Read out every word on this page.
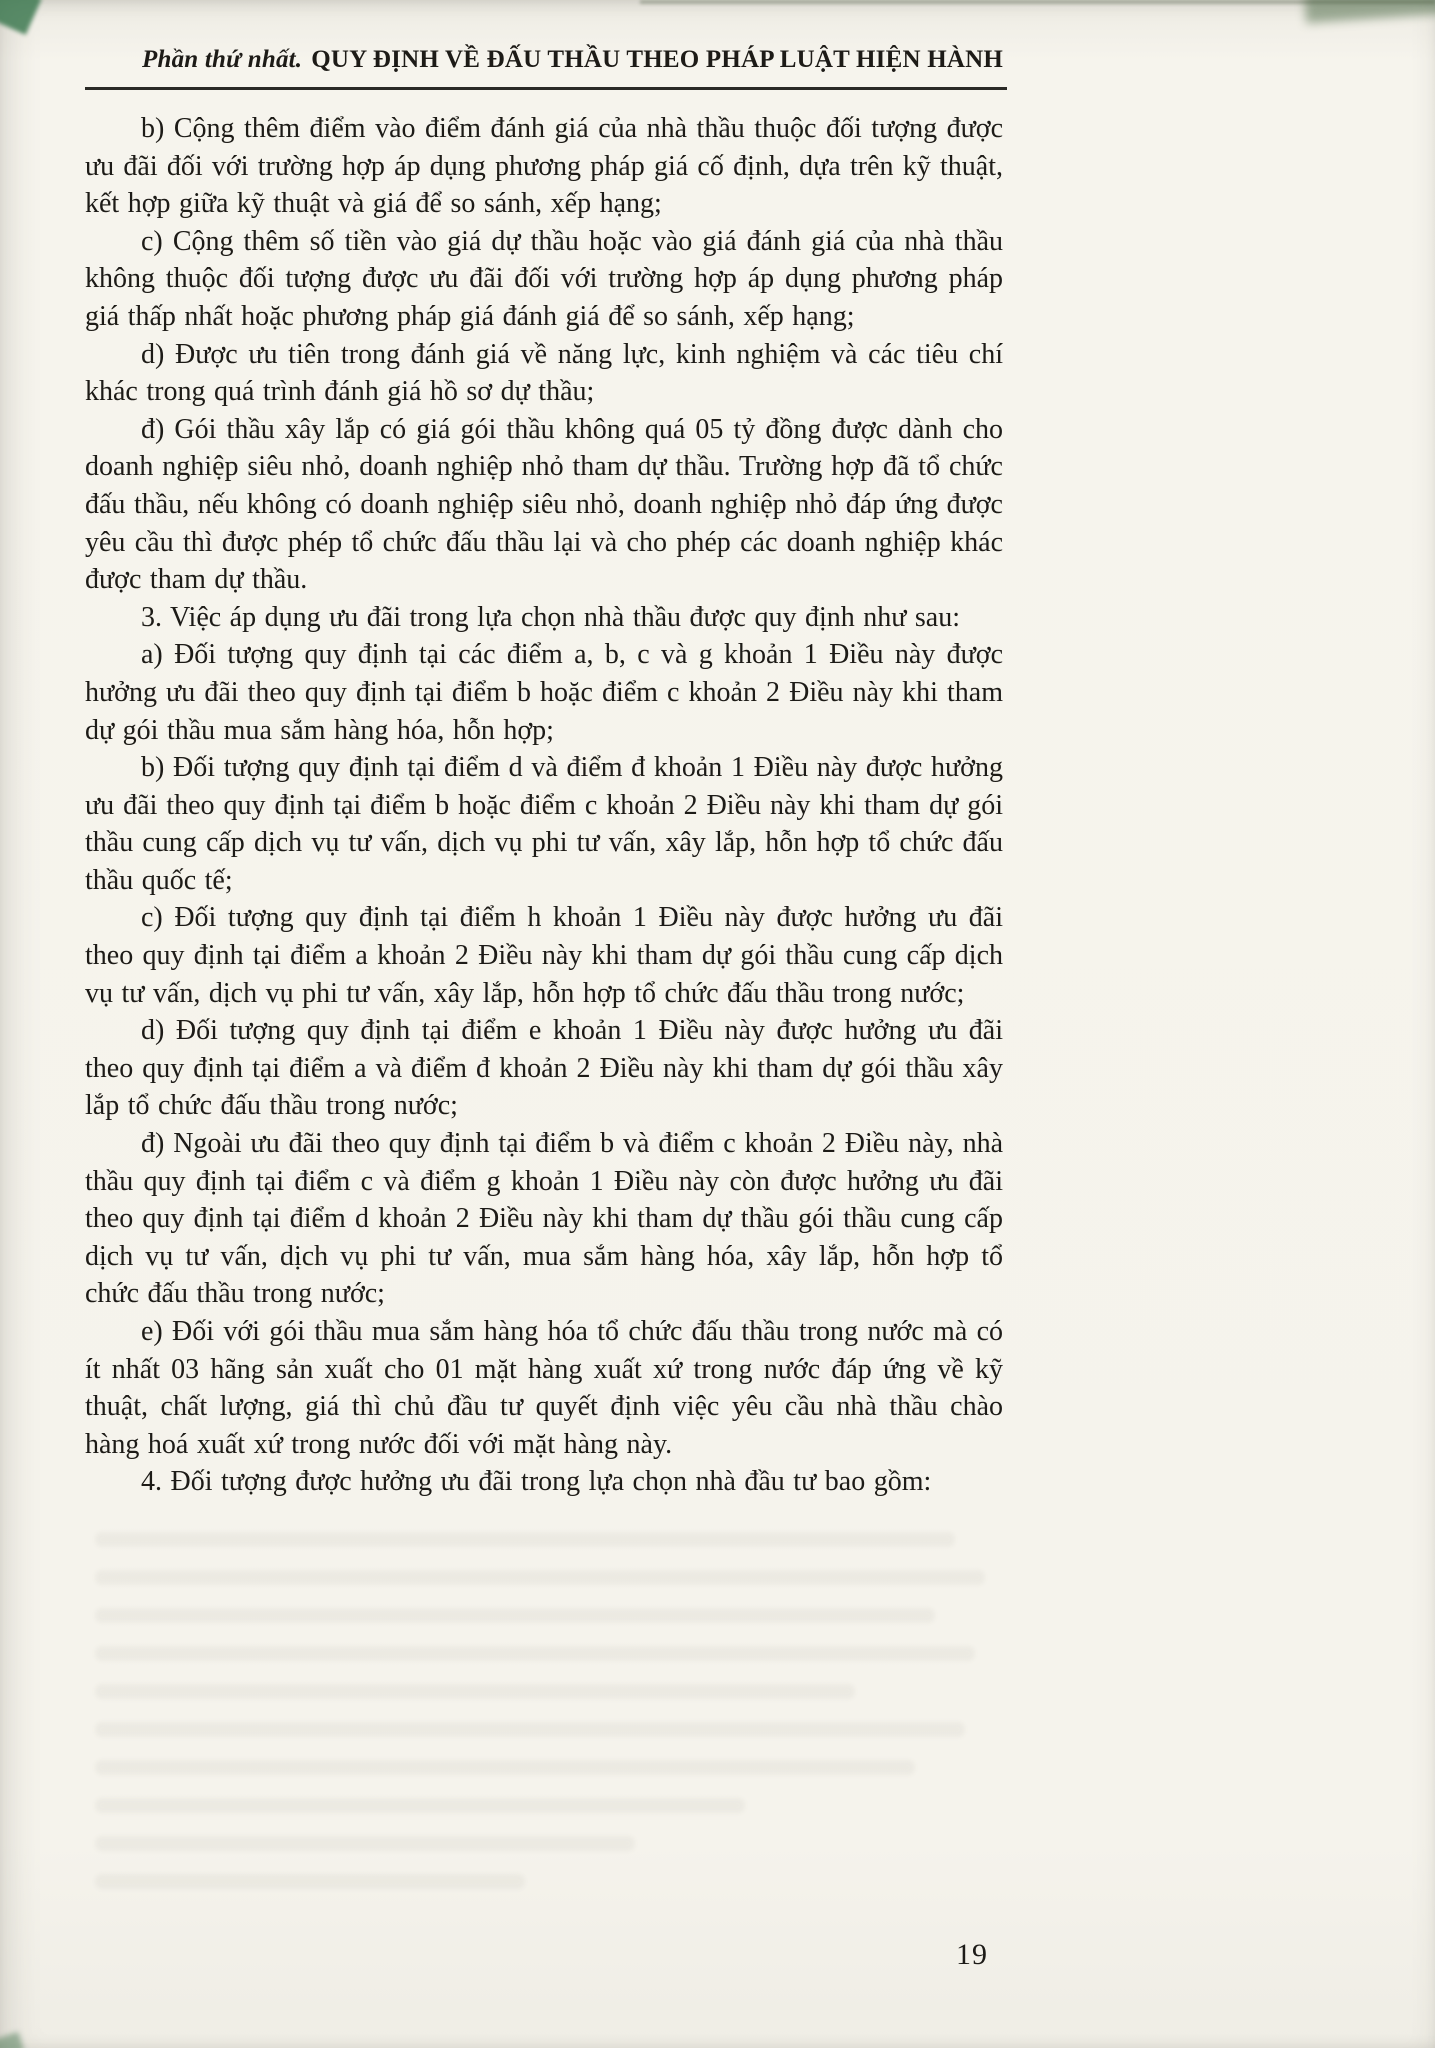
Phần thứ nhất. QUY ĐỊNH VỀ ĐẤU THẦU THEO PHÁP LUẬT HIỆN HÀNH

b) Cộng thêm điểm vào điểm đánh giá của nhà thầu thuộc đối tượng được ưu đãi đối với trường hợp áp dụng phương pháp giá cố định, dựa trên kỹ thuật, kết hợp giữa kỹ thuật và giá để so sánh, xếp hạng;

c) Cộng thêm số tiền vào giá dự thầu hoặc vào giá đánh giá của nhà thầu không thuộc đối tượng được ưu đãi đối với trường hợp áp dụng phương pháp giá thấp nhất hoặc phương pháp giá đánh giá để so sánh, xếp hạng;

d) Được ưu tiên trong đánh giá về năng lực, kinh nghiệm và các tiêu chí khác trong quá trình đánh giá hồ sơ dự thầu;

đ) Gói thầu xây lắp có giá gói thầu không quá 05 tỷ đồng được dành cho doanh nghiệp siêu nhỏ, doanh nghiệp nhỏ tham dự thầu. Trường hợp đã tổ chức đấu thầu, nếu không có doanh nghiệp siêu nhỏ, doanh nghiệp nhỏ đáp ứng được yêu cầu thì được phép tổ chức đấu thầu lại và cho phép các doanh nghiệp khác được tham dự thầu.

3. Việc áp dụng ưu đãi trong lựa chọn nhà thầu được quy định như sau:

a) Đối tượng quy định tại các điểm a, b, c và g khoản 1 Điều này được hưởng ưu đãi theo quy định tại điểm b hoặc điểm c khoản 2 Điều này khi tham dự gói thầu mua sắm hàng hóa, hỗn hợp;

b) Đối tượng quy định tại điểm d và điểm đ khoản 1 Điều này được hưởng ưu đãi theo quy định tại điểm b hoặc điểm c khoản 2 Điều này khi tham dự gói thầu cung cấp dịch vụ tư vấn, dịch vụ phi tư vấn, xây lắp, hỗn hợp tổ chức đấu thầu quốc tế;

c) Đối tượng quy định tại điểm h khoản 1 Điều này được hưởng ưu đãi theo quy định tại điểm a khoản 2 Điều này khi tham dự gói thầu cung cấp dịch vụ tư vấn, dịch vụ phi tư vấn, xây lắp, hỗn hợp tổ chức đấu thầu trong nước;

d) Đối tượng quy định tại điểm e khoản 1 Điều này được hưởng ưu đãi theo quy định tại điểm a và điểm đ khoản 2 Điều này khi tham dự gói thầu xây lắp tổ chức đấu thầu trong nước;

đ) Ngoài ưu đãi theo quy định tại điểm b và điểm c khoản 2 Điều này, nhà thầu quy định tại điểm c và điểm g khoản 1 Điều này còn được hưởng ưu đãi theo quy định tại điểm d khoản 2 Điều này khi tham dự thầu gói thầu cung cấp dịch vụ tư vấn, dịch vụ phi tư vấn, mua sắm hàng hóa, xây lắp, hỗn hợp tổ chức đấu thầu trong nước;

e) Đối với gói thầu mua sắm hàng hóa tổ chức đấu thầu trong nước mà có ít nhất 03 hãng sản xuất cho 01 mặt hàng xuất xứ trong nước đáp ứng về kỹ thuật, chất lượng, giá thì chủ đầu tư quyết định việc yêu cầu nhà thầu chào hàng hoá xuất xứ trong nước đối với mặt hàng này.

4. Đối tượng được hưởng ưu đãi trong lựa chọn nhà đầu tư bao gồm:

19
